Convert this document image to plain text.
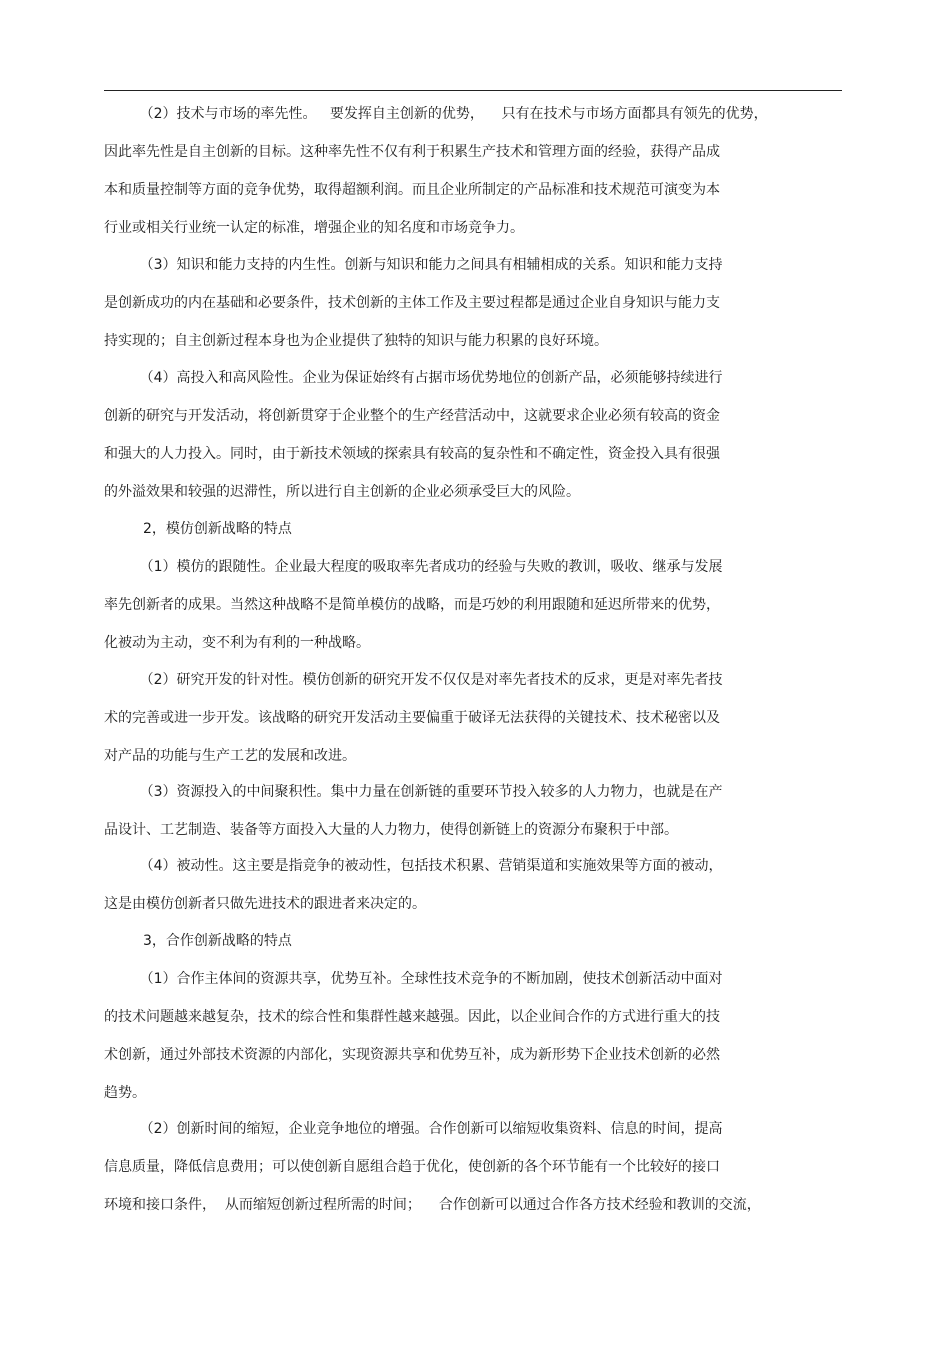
（2）技术与市场的率先性。   要发挥自主创新的优势，    只有在技术与市场方面都具有领先的优势，
因此率先性是自主创新的目标。这种率先性不仅有利于积累生产技术和管理方面的经验，获得产品成
本和质量控制等方面的竞争优势，取得超额利润。而且企业所制定的产品标准和技术规范可演变为本
行业或相关行业统一认定的标准，增强企业的知名度和市场竞争力。
（3）知识和能力支持的内生性。创新与知识和能力之间具有相辅相成的关系。知识和能力支持
是创新成功的内在基础和必要条件，技术创新的主体工作及主要过程都是通过企业自身知识与能力支
持实现的；自主创新过程本身也为企业提供了独特的知识与能力积累的良好环境。
（4）高投入和高风险性。企业为保证始终有占据市场优势地位的创新产品，必须能够持续进行
创新的研究与开发活动，将创新贯穿于企业整个的生产经营活动中，这就要求企业必须有较高的资金
和强大的人力投入。同时，由于新技术领域的探索具有较高的复杂性和不确定性，资金投入具有很强
的外溢效果和较强的迟滞性，所以进行自主创新的企业必须承受巨大的风险。
2，模仿创新战略的特点
（1）模仿的跟随性。企业最大程度的吸取率先者成功的经验与失败的教训，吸收、继承与发展
率先创新者的成果。当然这种战略不是简单模仿的战略，而是巧妙的利用跟随和延迟所带来的优势，
化被动为主动，变不利为有利的一种战略。
（2）研究开发的针对性。模仿创新的研究开发不仅仅是对率先者技术的反求，更是对率先者技
术的完善或进一步开发。该战略的研究开发活动主要偏重于破译无法获得的关键技术、技术秘密以及
对产品的功能与生产工艺的发展和改进。
（3）资源投入的中间聚积性。集中力量在创新链的重要环节投入较多的人力物力，也就是在产
品设计、工艺制造、装备等方面投入大量的人力物力，使得创新链上的资源分布聚积于中部。
（4）被动性。这主要是指竞争的被动性，包括技术积累、营销渠道和实施效果等方面的被动，
这是由模仿创新者只做先进技术的跟进者来决定的。
3，合作创新战略的特点
（1）合作主体间的资源共享，优势互补。全球性技术竞争的不断加剧，使技术创新活动中面对
的技术问题越来越复杂，技术的综合性和集群性越来越强。因此，以企业间合作的方式进行重大的技
术创新，通过外部技术资源的内部化，实现资源共享和优势互补，成为新形势下企业技术创新的必然
趋势。
（2）创新时间的缩短，企业竞争地位的增强。合作创新可以缩短收集资料、信息的时间，提高
信息质量，降低信息费用；可以使创新自愿组合趋于优化，使创新的各个环节能有一个比较好的接口
环境和接口条件，  从而缩短创新过程所需的时间；    合作创新可以通过合作各方技术经验和教训的交流，
